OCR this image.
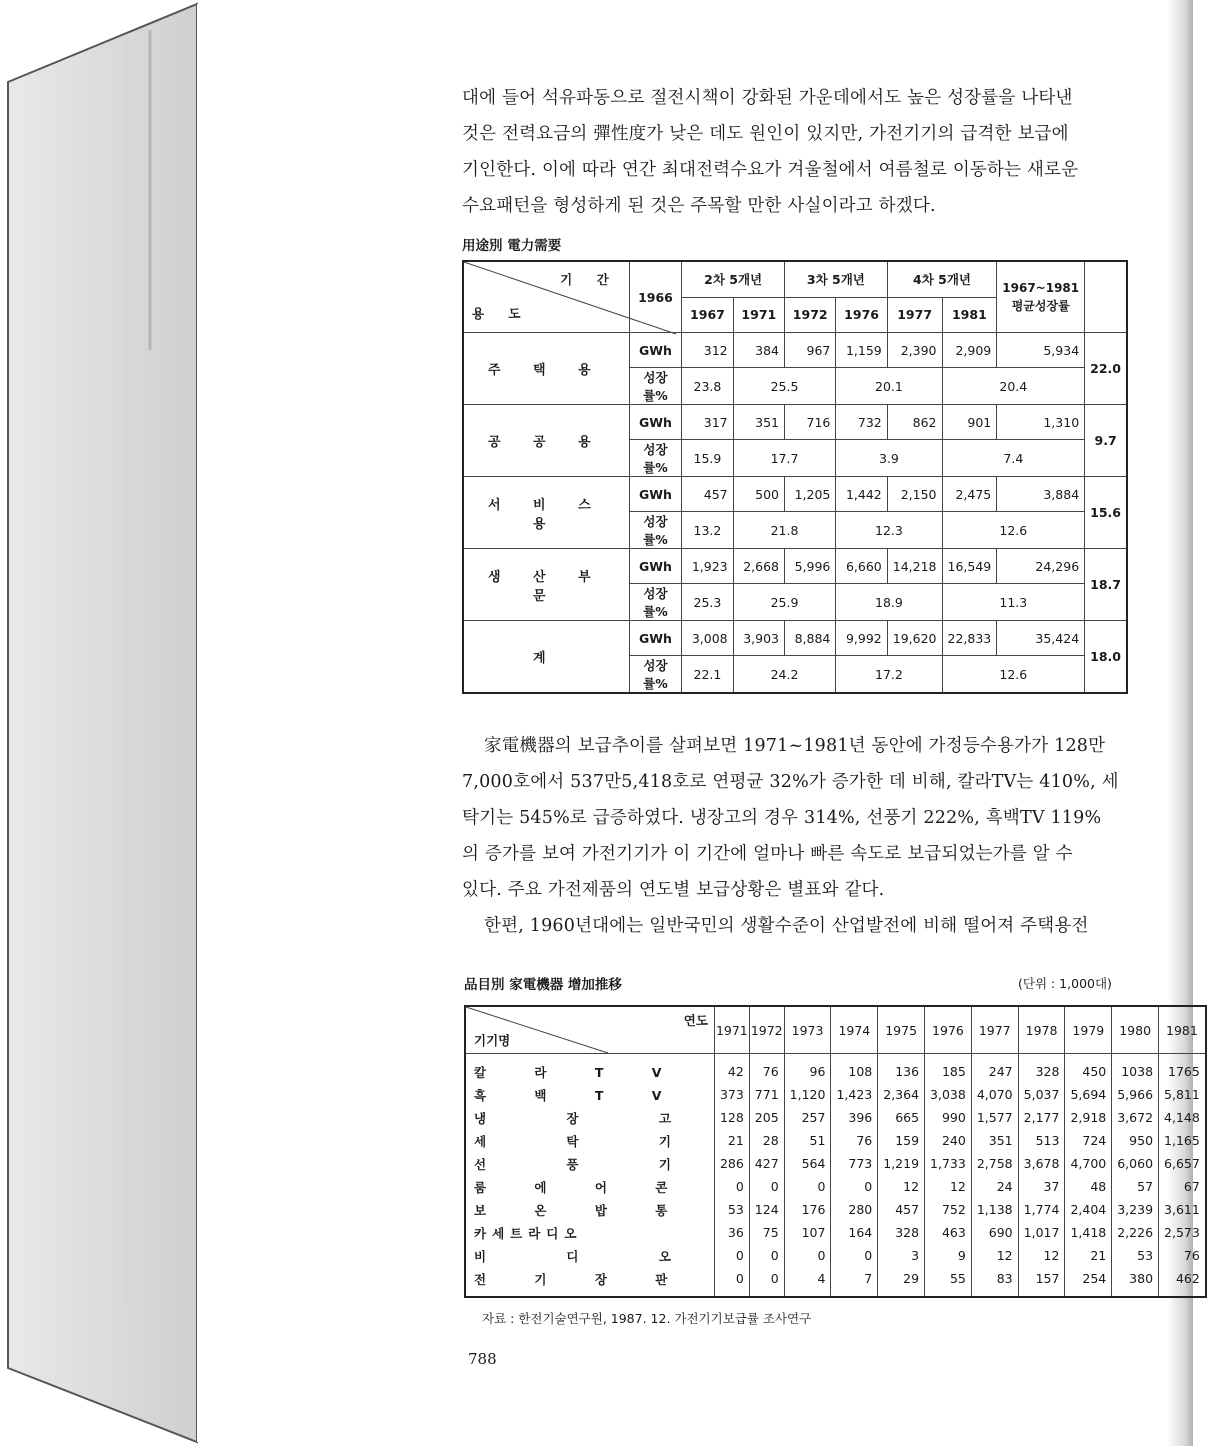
대에 들어 석유파동으로 절전시책이 강화된 가운데에서도 높은 성장률을 나타낸

것은 전력요금의 彈性度가 낮은 데도 원인이 있지만, 가전기기의 급격한 보급에

기인한다. 이에 따라 연간 최대전력수요가 겨울철에서 여름철로 이동하는 새로운

수요패턴을 형성하게 된 것은 주목할 만한 사실이라고 하겠다.

用途別 電力需要
기 간
용 도	1966	2차 5개년		3차 5개년		4차 5개년		1967~1981 평균성장률	
		1967	1971	1972	1976	1977	1981		
주 택 용	GWh	312	384	967	1,159	2,390	2,909	5,934	22.0
	성장률%	23.8	25.5		20.1		20.4		
공 공 용	GWh	317	351	716	732	862	901	1,310	9.7
	성장률%	15.9	17.7		3.9		7.4		
서 비 스 용	GWh	457	500	1,205	1,442	2,150	2,475	3,884	15.6
	성장률%	13.2	21.8		12.3		12.6		
생 산 부 문	GWh	1,923	2,668	5,996	6,660	14,218	16,549	24,296	18.7
	성장률%	25.3	25.9		18.9		11.3		
계	GWh	3,008	3,903	8,884	9,992	19,620	22,833	35,424	18.0
	성장률%	22.1	24.2		17.2		12.6		

家電機器의 보급추이를 살펴보면 1971~1981년 동안에 가정등수용가가 128만

7,000호에서 537만5,418호로 연평균 32%가 증가한 데 비해, 칼라TV는 410%, 세

탁기는 545%로 급증하였다. 냉장고의 경우 314%, 선풍기 222%, 흑백TV 119%

의 증가를 보여 가전기기가 이 기간에 얼마나 빠른 속도로 보급되었는가를 알 수

있다. 주요 가전제품의 연도별 보급상황은 별표와 같다.

한편, 1960년대에는 일반국민의 생활수준이 산업발전에 비해 떨어져 주택용전

品目別 家電機器 增加推移	(단위 : 1,000대)
연도
기기명	1971	1972	1973	1974	1975	1976	1977	1978	1979	1980	1981
칼 라 T V	42	76	96	108	136	185	247	328	450	1038	1765
흑 백 T V	373	771	1,120	1,423	2,364	3,038	4,070	5,037	5,694	5,966	5,811
냉 장 고	128	205	257	396	665	990	1,577	2,177	2,918	3,672	4,148
세 탁 기	21	28	51	76	159	240	351	513	724	950	1,165
선 풍 기	286	427	564	773	1,219	1,733	2,758	3,678	4,700	6,060	6,657
룸 에 어 콘	0	0	0	0	12	12	24	37	48	57	67
보 온 밥 통	53	124	176	280	457	752	1,138	1,774	2,404	3,239	3,611
카세트라디오	36	75	107	164	328	463	690	1,017	1,418	2,226	2,573
비 디 오	0	0	0	0	3	9	12	12	21	53	76
전 기 장 판	0	0	4	7	29	55	83	157	254	380	462
자료 : 한전기술연구원, 1987. 12. 가전기기보급률 조사연구
788
